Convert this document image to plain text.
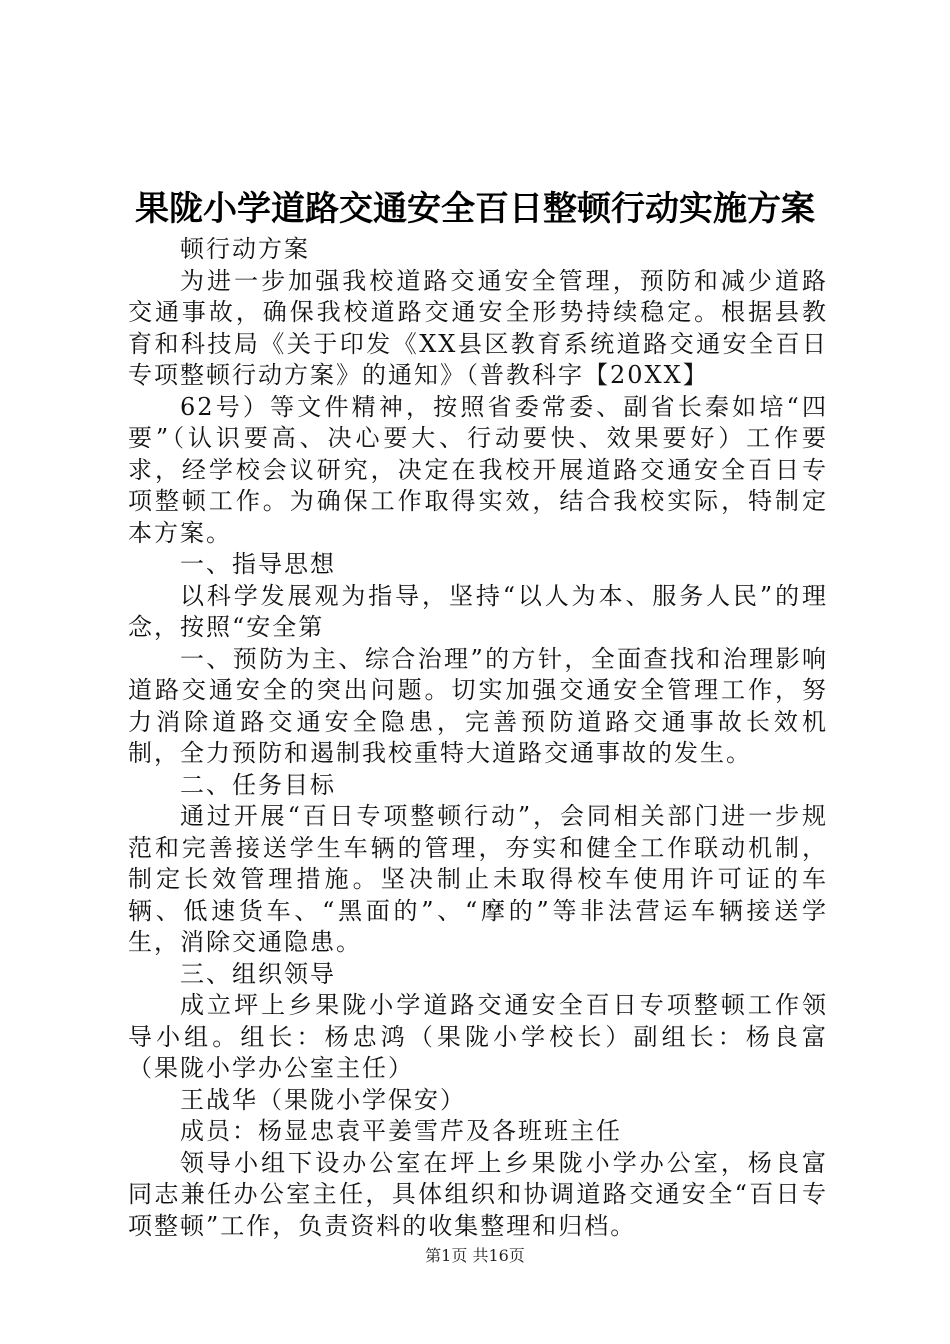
果陇小学道路交通安全百日整顿行动实施方案

顿行动方案

为进一步加强我校道路交通安全管理，预防和减少道路交通事故，确保我校道路交通安全形势持续稳定。根据县教育和科技局《关于印发《XX县区教育系统道路交通安全百日专项整顿行动方案》的通知》（普教科字【20XX】

62号）等文件精神，按照省委常委、副省长秦如培“四要”（认识要高、决心要大、行动要快、效果要好）工作要求，经学校会议研究，决定在我校开展道路交通安全百日专项整顿工作。为确保工作取得实效，结合我校实际，特制定本方案。

一、指导思想

以科学发展观为指导，坚持“以人为本、服务人民”的理念，按照“安全第

一、预防为主、综合治理”的方针，全面查找和治理影响道路交通安全的突出问题。切实加强交通安全管理工作，努力消除道路交通安全隐患，完善预防道路交通事故长效机制，全力预防和遏制我校重特大道路交通事故的发生。

二、任务目标

通过开展“百日专项整顿行动”，会同相关部门进一步规范和完善接送学生车辆的管理，夯实和健全工作联动机制，制定长效管理措施。坚决制止未取得校车使用许可证的车辆、低速货车、“黑面的”、“摩的”等非法营运车辆接送学生，消除交通隐患。

三、组织领导

成立坪上乡果陇小学道路交通安全百日专项整顿工作领导小组。组长：杨忠鸿（果陇小学校长）副组长：杨良富（果陇小学办公室主任）

王战华（果陇小学保安）

成员：杨显忠袁平姜雪芹及各班班主任

领导小组下设办公室在坪上乡果陇小学办公室，杨良富同志兼任办公室主任，具体组织和协调道路交通安全“百日专项整顿”工作，负责资料的收集整理和归档。

第1页 共16页
